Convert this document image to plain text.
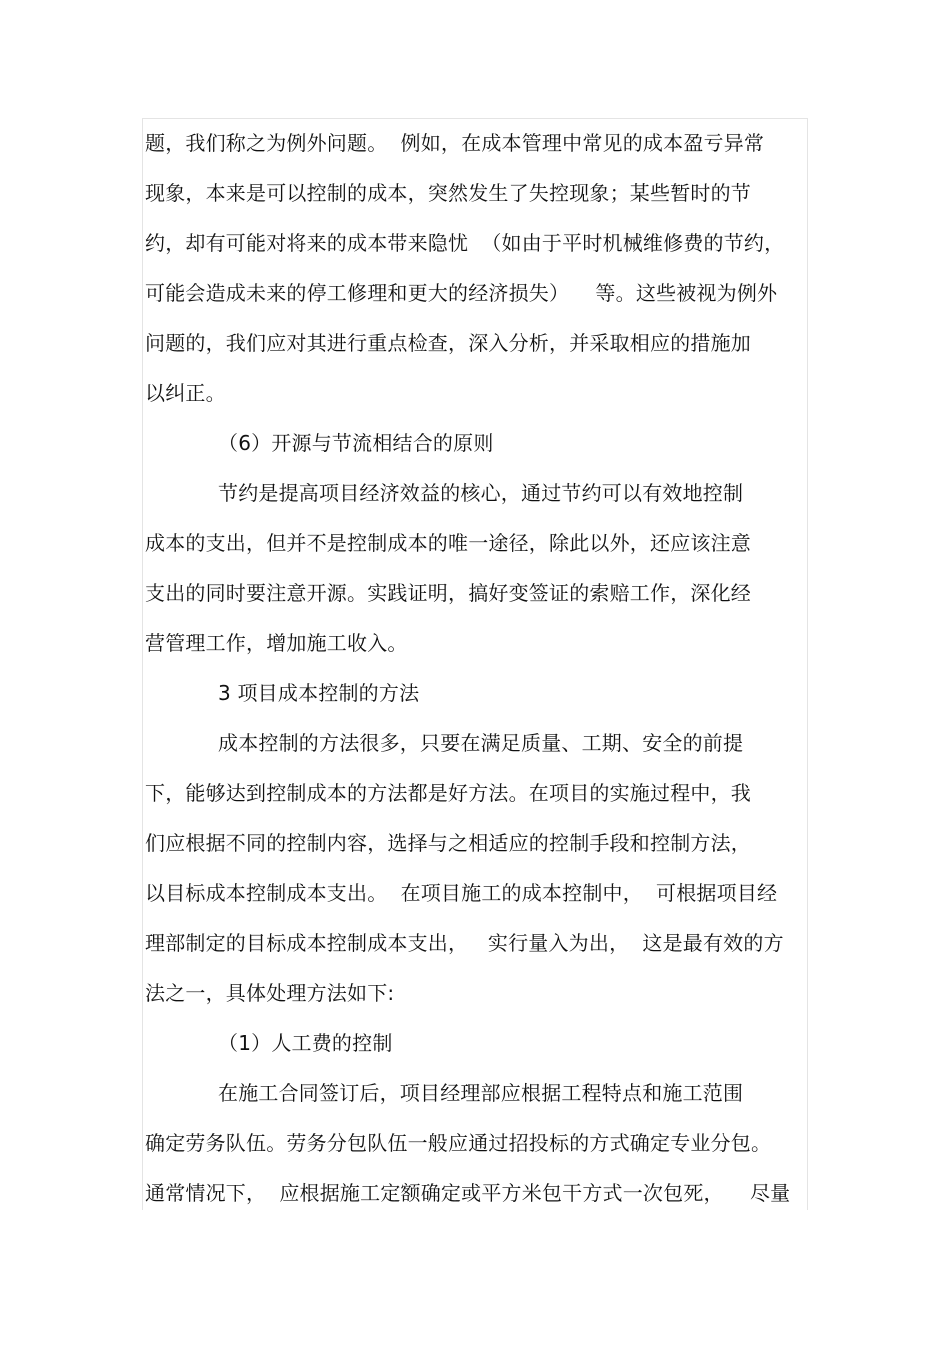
题，我们称之为例外问题。  例如，在成本管理中常见的成本盈亏异常
现象，本来是可以控制的成本，突然发生了失控现象；某些暂时的节
约，却有可能对将来的成本带来隐忧  （如由于平时机械维修费的节约，
可能会造成未来的停工修理和更大的经济损失）    等。这些被视为例外
问题的，我们应对其进行重点检查，深入分析，并采取相应的措施加
以纠正。
（6）开源与节流相结合的原则
节约是提高项目经济效益的核心，通过节约可以有效地控制
成本的支出，但并不是控制成本的唯一途径，除此以外，还应该注意
支出的同时要注意开源。实践证明，搞好变签证的索赔工作，深化经
营管理工作，增加施工收入。
3 项目成本控制的方法
成本控制的方法很多，只要在满足质量、工期、安全的前提
下，能够达到控制成本的方法都是好方法。在项目的实施过程中，我
们应根据不同的控制内容，选择与之相适应的控制手段和控制方法，
以目标成本控制成本支出。  在项目施工的成本控制中，  可根据项目经
理部制定的目标成本控制成本支出，   实行量入为出，  这是最有效的方
法之一，具体处理方法如下:
（1）人工费的控制
在施工合同签订后，项目经理部应根据工程特点和施工范围
确定劳务队伍。劳务分包队伍一般应通过招投标的方式确定专业分包。
通常情况下，  应根据施工定额确定或平方米包干方式一次包死，    尽量
